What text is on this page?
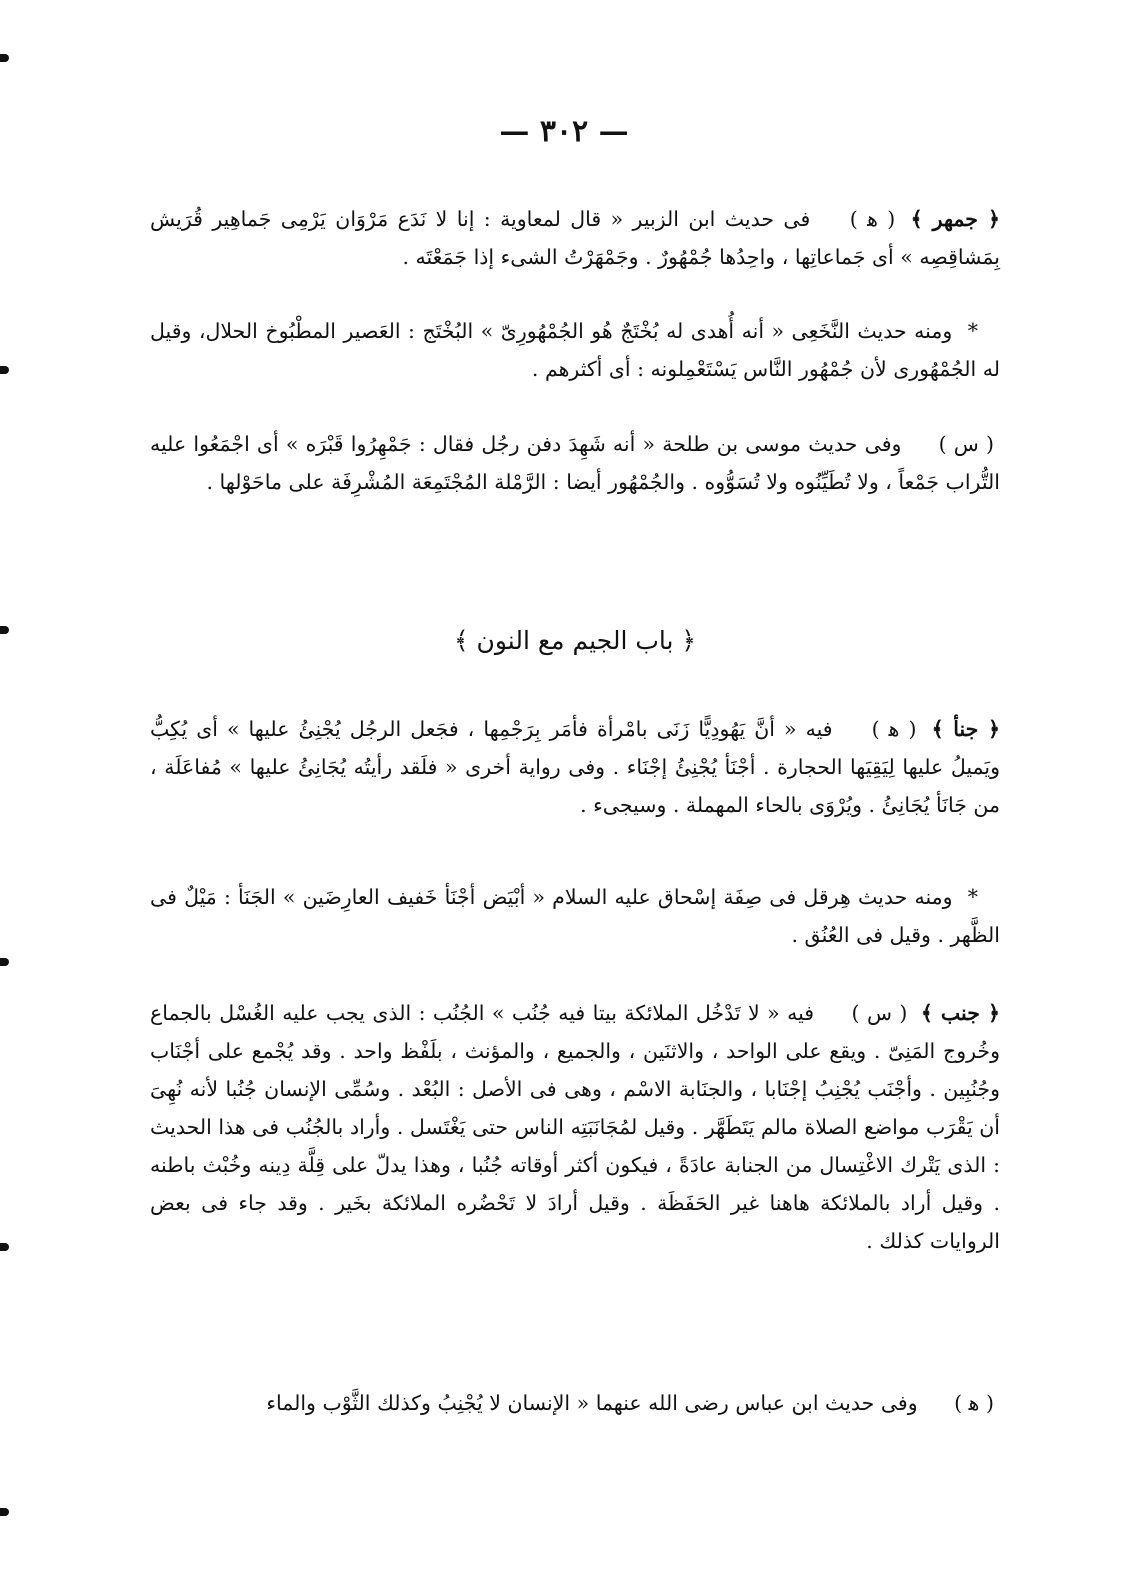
— ٣٠٢ —

﴿ جمهر ﴾ ( ﻫ ) فى حديث ابن الزبير « قال لمعاوية : إنا لا نَدَع مَرْوَان يَرْمِى جَماهِير قُرَيش بِمَشاقِصِه » أى جَماعاتِها ، واحِدُها جُمْهُورٌ . وجَمْهَرْتُ الشىء إذا جَمَعْتَه .

* ومنه حديث النَّخَعِى « أنه أُهدى له بُخْتَجٌ هُو الجُمْهُورِىّ » البُخْتَج : العَصير المطْبُوخ الحلال، وقيل له الجُمْهُورى لأن جُمْهُور النَّاس يَسْتَعْمِلونه : أى أكثرهم .

( س ) وفى حديث موسى بن طلحة « أنه شَهِدَ دفن رجُل فقال : جَمْهِرُوا قَبْرَه » أى اجْمَعُوا عليه التُّراب جَمْعاً ، ولا تُطَيِّنُوه ولا تُسَوُّوه . والجُمْهُور أيضا : الرَّمْلة المُجْتَمِعَة المُشْرِفَة على ماحَوْلها .

﴿ باب الجيم مع النون ﴾

﴿ جنأ ﴾ ( ﻫ ) فيه « أنَّ يَهُودِيًّا زَنَى بامْرأة فأمَر بِرَجْمِها ، فجَعل الرجُل يُجْنِئُ عليها » أى يُكِبُّ ويَميلُ عليها لِيَقِيَها الحجارة . أجْنَأ يُجْنِئُ إجْنَاء . وفى رواية أخرى « فلَقد رأيتُه يُجَانِئُ عليها » مُفاعَلَة ، من جَانَأ يُجَانِئُ . ويُرْوَى بالحاء المهملة . وسيجىء .

* ومنه حديث هِرقل فى صِفَة إسْحاق عليه السلام « أبْيَض أجْنَأ خَفيف العارِضَين » الجَنَأ : مَيْلٌ فى الظَّهر . وقيل فى العُنُق .

﴿ جنب ﴾ ( س ) فيه « لا تَدْخُل الملائكة بيتا فيه جُنُب » الجُنُب : الذى يجب عليه الغُسْل بالجماع وخُروج المَنِىّ . ويقع على الواحد ، والاثنَين ، والجميع ، والمؤنث ، بلَفْظ واحد . وقد يُجْمع على أجْنَاب وجُنُبِين . وأجْنَب يُجْنِبُ إجْنَابا ، والجنَابة الاسْم ، وهى فى الأصل : البُعْد . وسُمِّى الإنسان جُنُبا لأنه نُهِىَ أن يَقْرَب مواضع الصلاة مالم يَتَطَهَّر . وقيل لمُجَانَبَتِه الناس حتى يَغْتَسل . وأراد بالجُنُب فى هذا الحديث : الذى يَتْرك الاغْتِسال من الجنابة عادَةً ، فيكون أكثر أوقاته جُنُبا ، وهذا يدلّ على قِلَّة دِينه وخُبْث باطنه . وقيل أراد بالملائكة هاهنا غير الحَفَظَة . وقيل أرادَ لا تَحْضُره الملائكة بخَير . وقد جاء فى بعض الروايات كذلك .

( ﻫ ) وفى حديث ابن عباس رضى الله عنهما « الإنسان لا يُجْنِبُ وكذلك الثَّوْب والماء
